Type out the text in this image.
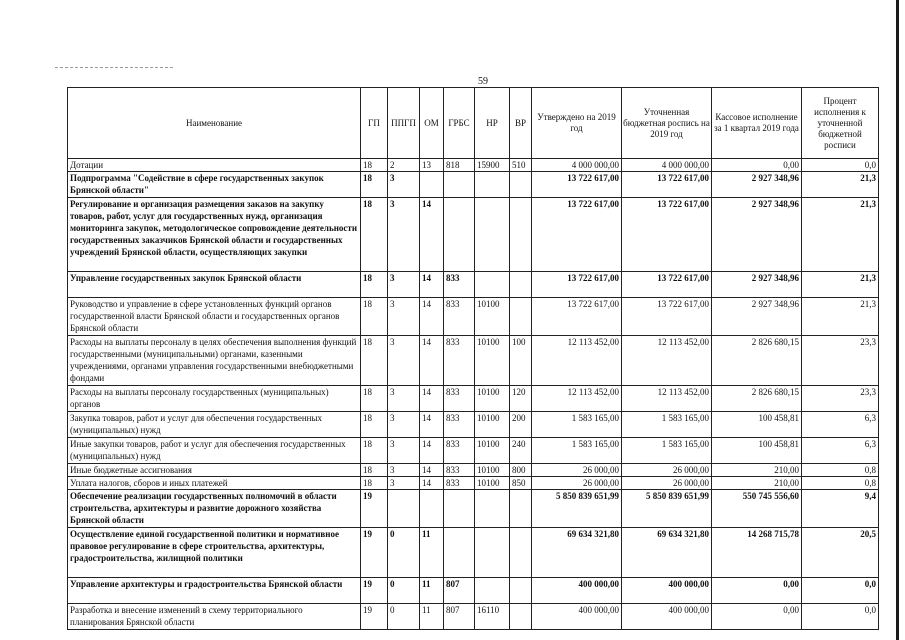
59
Наименование	ГП	ППГП	ОМ	ГРБС	НР	ВР	Утверждено на 2019 год	Уточненная бюджетная роспись на 2019 год	Кассовое исполнение за 1 квартал 2019 года	Процент исполнения к уточненной бюджетной росписи
Дотации	18	2	13	818	15900	510	4 000 000,00	4 000 000,00	0,00	0,0
Подпрограмма "Содействие в сфере государственных закупок Брянской области"	18	3					13 722 617,00	13 722 617,00	2 927 348,96	21,3
Регулирование и организация размещения заказов на закупку товаров, работ, услуг для государственных нужд, организация мониторинга закупок, методологическое сопровождение деятельности государственных заказчиков Брянской области и государственных учреждений Брянской области, осуществляющих закупки	18	3	14				13 722 617,00	13 722 617,00	2 927 348,96	21,3
Управление государственных закупок Брянской области	18	3	14	833			13 722 617,00	13 722 617,00	2 927 348,96	21,3
Руководство и управление в сфере установленных функций органов государственной власти Брянской области и государственных органов Брянской области	18	3	14	833	10100		13 722 617,00	13 722 617,00	2 927 348,96	21,3
Расходы на выплаты персоналу в целях обеспечения выполнения функций государственными (муниципальными) органами, казенными учреждениями, органами управления государственными внебюджетными фондами	18	3	14	833	10100	100	12 113 452,00	12 113 452,00	2 826 680,15	23,3
Расходы на выплаты персоналу государственных (муниципальных) органов	18	3	14	833	10100	120	12 113 452,00	12 113 452,00	2 826 680,15	23,3
Закупка товаров, работ и услуг для обеспечения государственных (муниципальных) нужд	18	3	14	833	10100	200	1 583 165,00	1 583 165,00	100 458,81	6,3
Иные закупки товаров, работ и услуг для обеспечения государственных (муниципальных) нужд	18	3	14	833	10100	240	1 583 165,00	1 583 165,00	100 458,81	6,3
Иные бюджетные ассигнования	18	3	14	833	10100	800	26 000,00	26 000,00	210,00	0,8
Уплата налогов, сборов и иных платежей	18	3	14	833	10100	850	26 000,00	26 000,00	210,00	0,8
Обеспечение реализации государственных полномочий в области строительства, архитектуры и развитие дорожного хозяйства Брянской области	19						5 850 839 651,99	5 850 839 651,99	550 745 556,60	9,4
Осуществление единой государственной политики и нормативное правовое регулирование в сфере строительства, архитектуры, градостроительства, жилищной политики	19	0	11				69 634 321,80	69 634 321,80	14 268 715,78	20,5
Управление архитектуры и градостроительства Брянской области	19	0	11	807			400 000,00	400 000,00	0,00	0,0
Разработка и внесение изменений в схему территориального планирования Брянской области	19	0	11	807	16110		400 000,00	400 000,00	0,00	0,0
